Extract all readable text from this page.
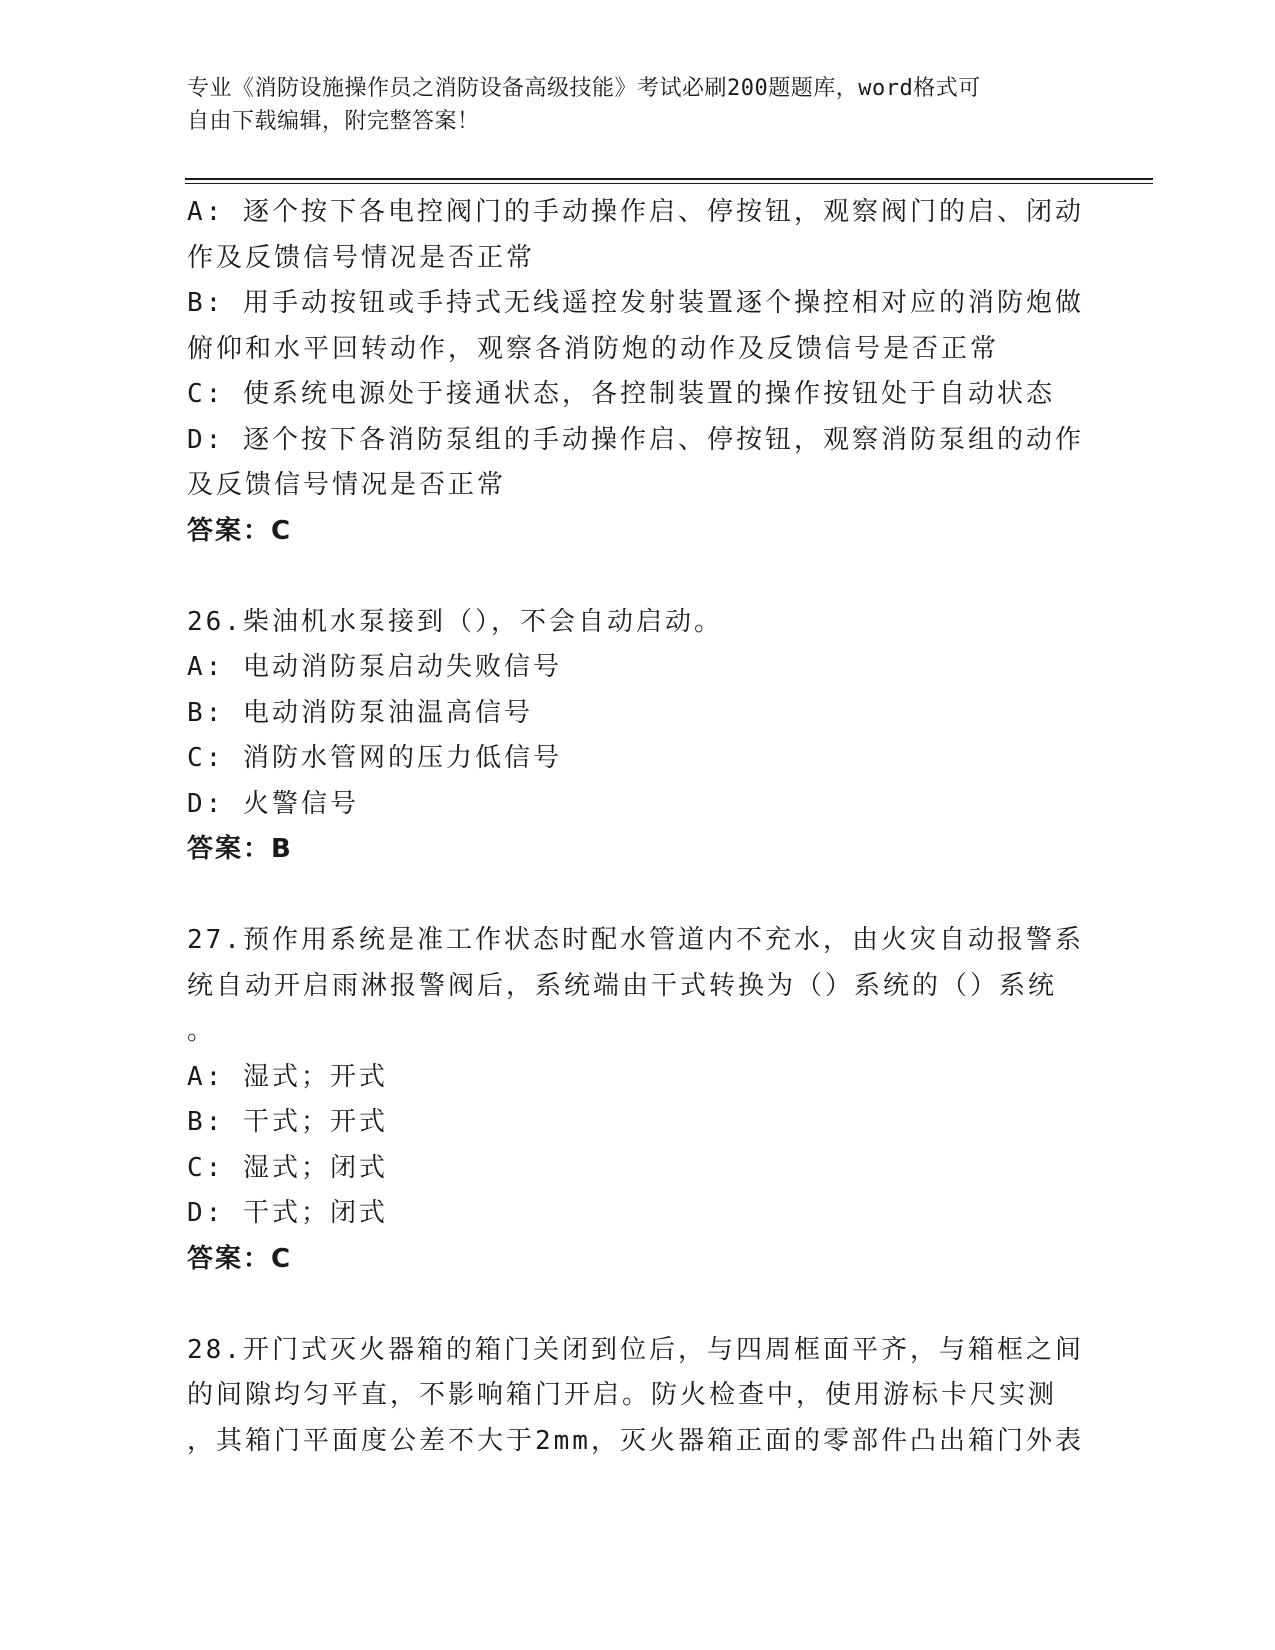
专业《消防设施操作员之消防设备高级技能》考试必刷200题题库，word格式可
自由下载编辑，附完整答案！
A: 逐个按下各电控阀门的手动操作启、停按钮，观察阀门的启、闭动
作及反馈信号情况是否正常
B: 用手动按钮或手持式无线遥控发射装置逐个操控相对应的消防炮做
俯仰和水平回转动作，观察各消防炮的动作及反馈信号是否正常
C: 使系统电源处于接通状态，各控制装置的操作按钮处于自动状态
D: 逐个按下各消防泵组的手动操作启、停按钮，观察消防泵组的动作
及反馈信号情况是否正常
答案：C
26.柴油机水泵接到（），不会自动启动。
A: 电动消防泵启动失败信号
B: 电动消防泵油温高信号
C: 消防水管网的压力低信号
D: 火警信号
答案：B
27.预作用系统是准工作状态时配水管道内不充水，由火灾自动报警系
统自动开启雨淋报警阀后，系统端由干式转换为（）系统的（）系统
。
A: 湿式；开式
B: 干式；开式
C: 湿式；闭式
D: 干式；闭式
答案：C
28.开门式灭火器箱的箱门关闭到位后，与四周框面平齐，与箱框之间
的间隙均匀平直，不影响箱门开启。防火检查中，使用游标卡尺实测
，其箱门平面度公差不大于2mm，灭火器箱正面的零部件凸出箱门外表
